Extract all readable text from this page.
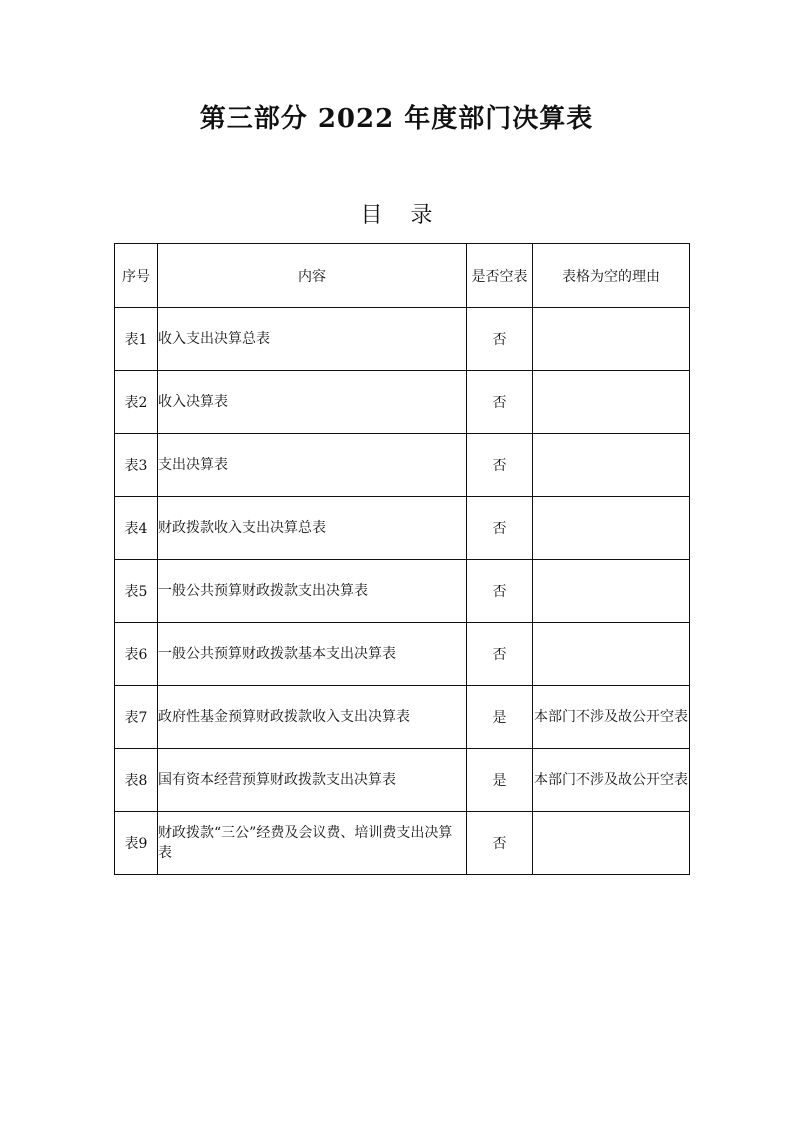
第三部分 2022 年度部门决算表
目录
序号	内容	是否空表	表格为空的理由
表1	收入支出决算总表	否	
表2	收入决算表	否	
表3	支出决算表	否	
表4	财政拨款收入支出决算总表	否	
表5	一般公共预算财政拨款支出决算表	否	
表6	一般公共预算财政拨款基本支出决算表	否	
表7	政府性基金预算财政拨款收入支出决算表	是	本部门不涉及故公开空表
表8	国有资本经营预算财政拨款支出决算表	是	本部门不涉及故公开空表
表9	财政拨款“三公”经费及会议费、培训费支出决算表	否	
